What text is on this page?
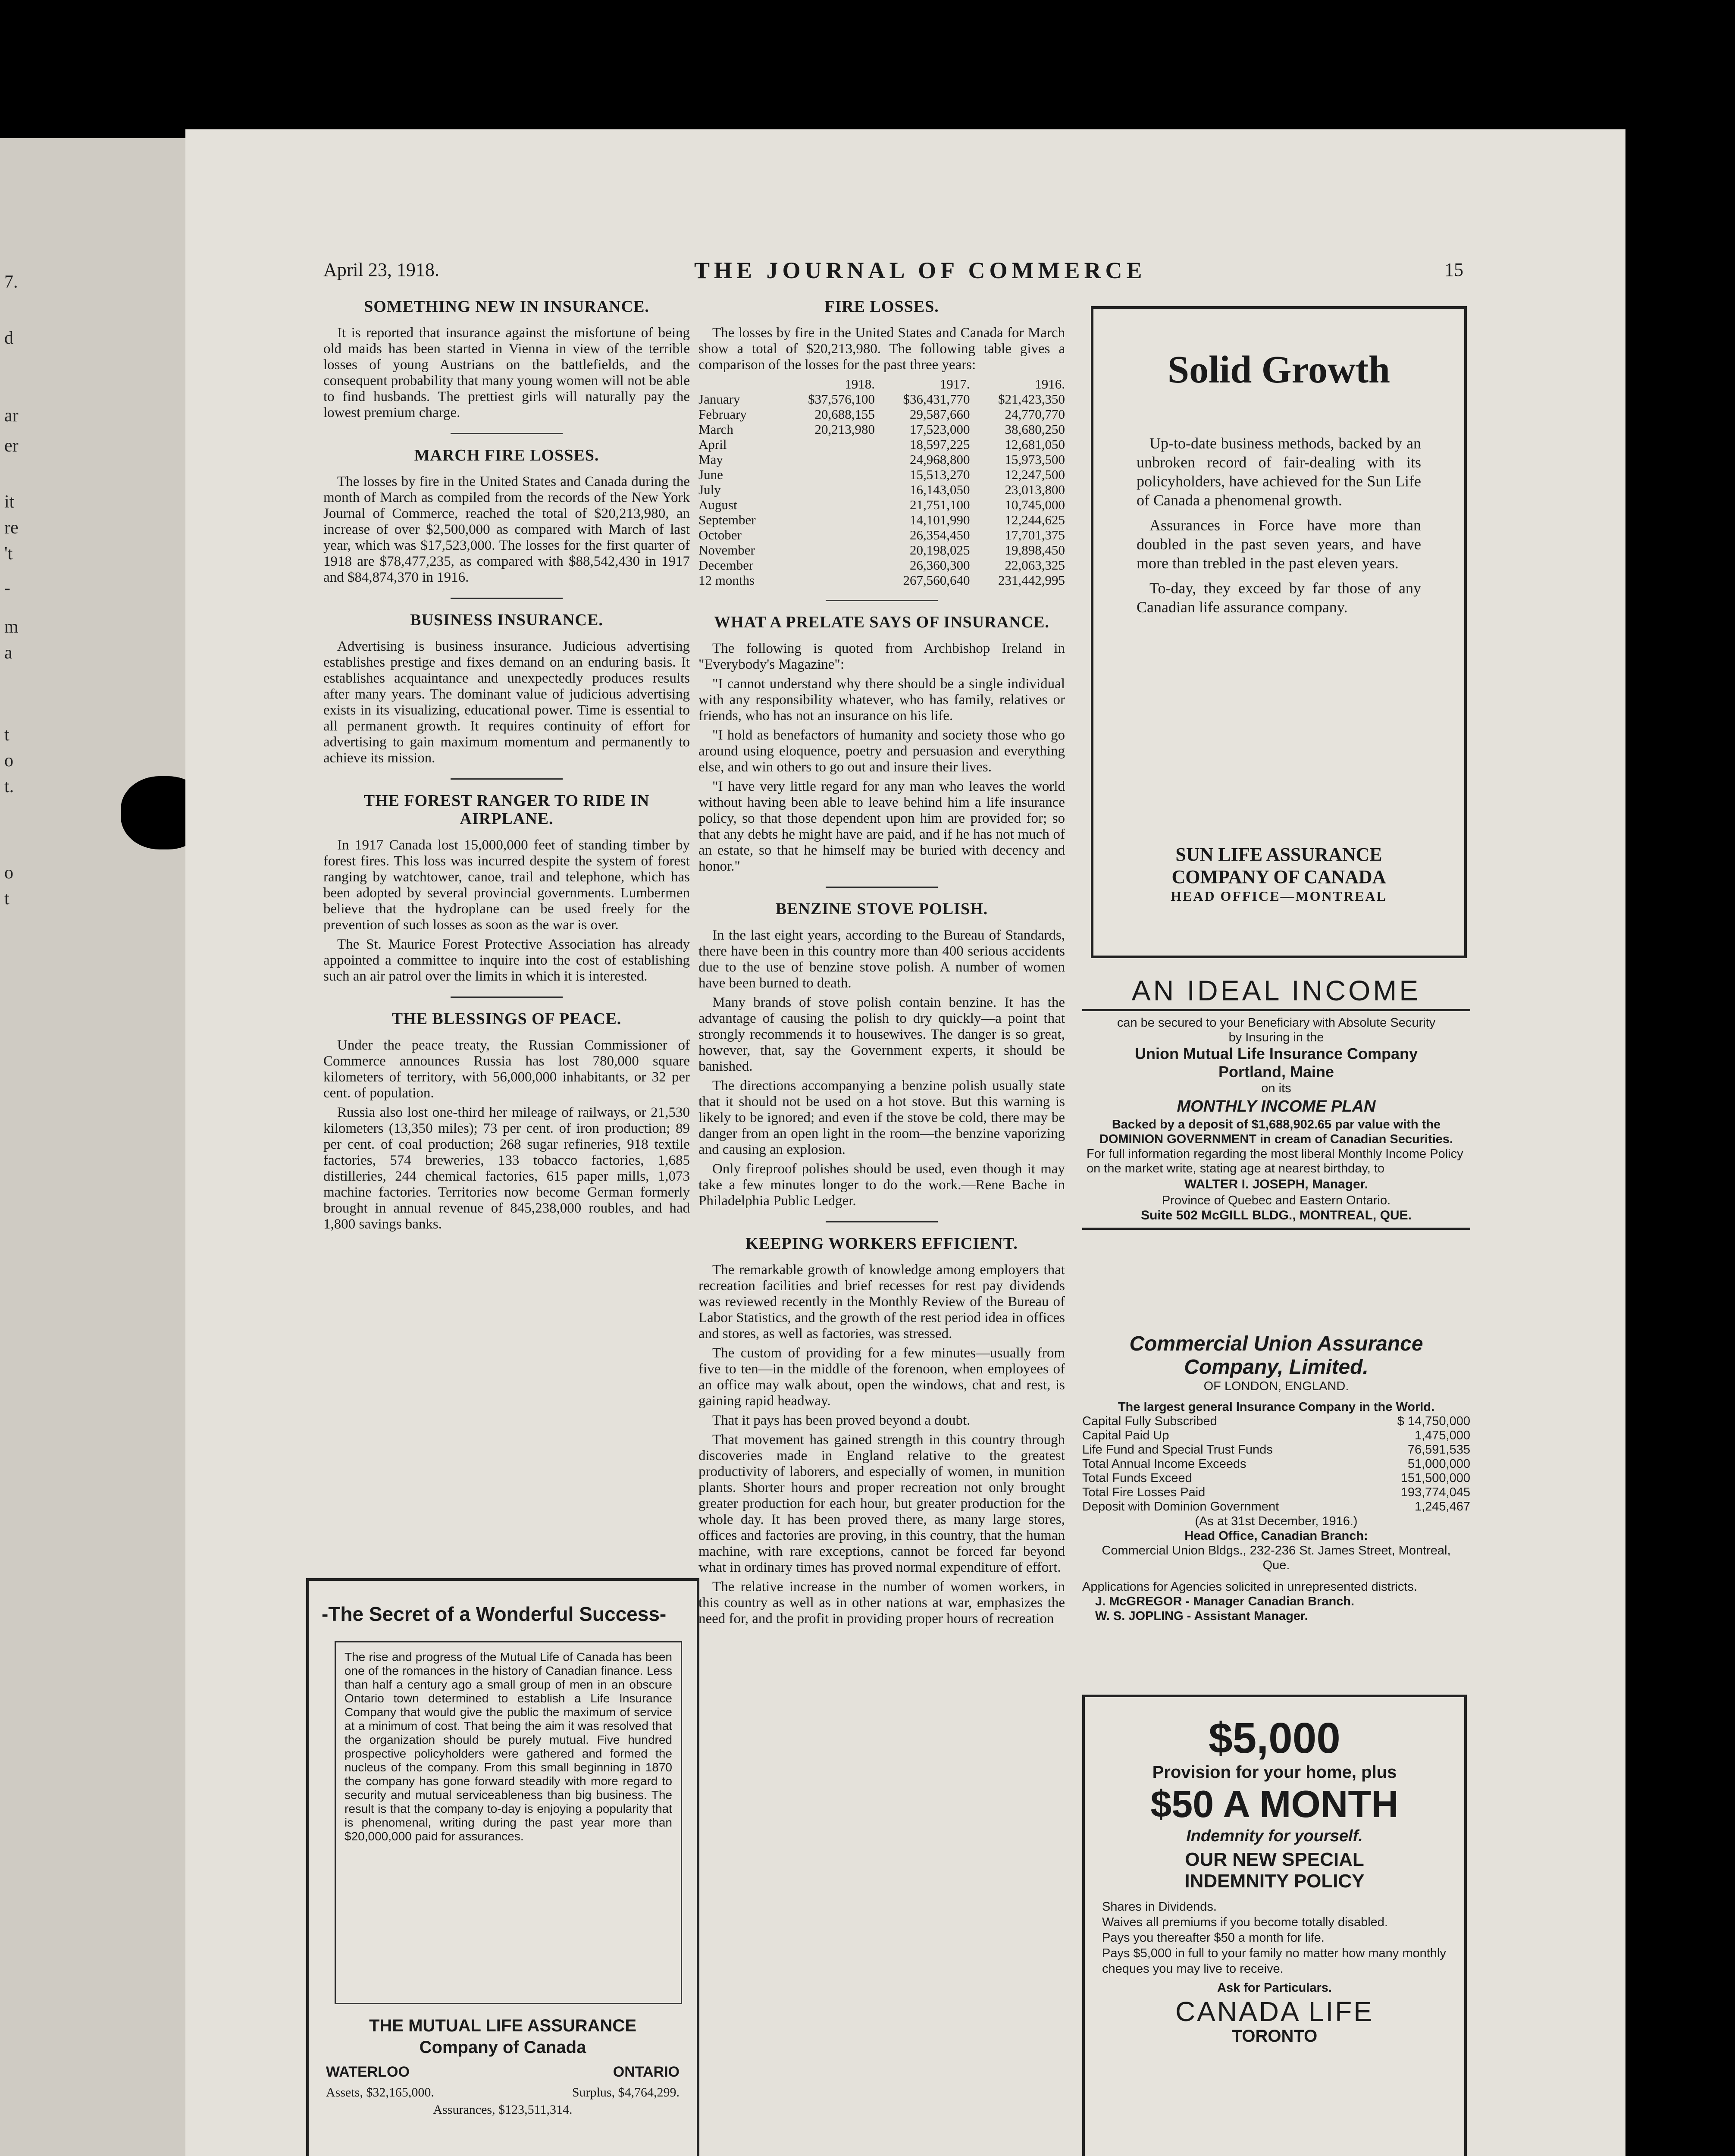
7.
d
ar
er
it
re
't
-
m
a
t
o
t.
o
t
April 23, 1918.	THE JOURNAL OF COMMERCE	15
SOMETHING NEW IN INSURANCE.

It is reported that insurance against the misfortune of being old maids has been started in Vienna in view of the terrible losses of young Austrians on the battlefields, and the consequent probability that many young women will not be able to find husbands. The prettiest girls will naturally pay the lowest premium charge.

MARCH FIRE LOSSES.

The losses by fire in the United States and Canada during the month of March as compiled from the records of the New York Journal of Commerce, reached the total of $20,213,980, an increase of over $2,500,000 as compared with March of last year, which was $17,523,000. The losses for the first quarter of 1918 are $78,477,235, as compared with $88,542,430 in 1917 and $84,874,370 in 1916.

BUSINESS INSURANCE.

Advertising is business insurance. Judicious advertising establishes prestige and fixes demand on an enduring basis. It establishes acquaintance and unexpectedly produces results after many years. The dominant value of judicious advertising exists in its visualizing, educational power. Time is essential to all permanent growth. It requires continuity of effort for advertising to gain maximum momentum and permanently to achieve its mission.

THE FOREST RANGER TO RIDE IN AIRPLANE.

In 1917 Canada lost 15,000,000 feet of standing timber by forest fires. This loss was incurred despite the system of forest ranging by watchtower, canoe, trail and telephone, which has been adopted by several provincial governments. Lumbermen believe that the hydroplane can be used freely for the prevention of such losses as soon as the war is over.

The St. Maurice Forest Protective Association has already appointed a committee to inquire into the cost of establishing such an air patrol over the limits in which it is interested.

THE BLESSINGS OF PEACE.

Under the peace treaty, the Russian Commissioner of Commerce announces Russia has lost 780,000 square kilometers of territory, with 56,000,000 inhabitants, or 32 per cent. of population.

Russia also lost one-third her mileage of railways, or 21,530 kilometers (13,350 miles); 73 per cent. of iron production; 89 per cent. of coal production; 268 sugar refineries, 918 textile factories, 574 breweries, 133 tobacco factories, 1,685 distilleries, 244 chemical factories, 615 paper mills, 1,073 machine factories. Territories now become German formerly brought in annual revenue of 845,238,000 roubles, and had 1,800 savings banks.

-The Secret of a Wonderful Success-
The rise and progress of the Mutual Life of Canada has been one of the romances in the history of Canadian finance. Less than half a century ago a small group of men in an obscure Ontario town determined to establish a Life Insurance Company that would give the public the maximum of service at a minimum of cost. That being the aim it was resolved that the organization should be purely mutual. Five hundred prospective policyholders were gathered and formed the nucleus of the company. From this small beginning in 1870 the company has gone forward steadily with more regard to security and mutual serviceableness than big business. The result is that the company to-day is enjoying a popularity that is phenomenal, writing during the past year more than $20,000,000 paid for assurances.
THE MUTUAL LIFE ASSURANCE
Company of Canada
WATERLOO	ONTARIO
Assets, $32,165,000.	Surplus, $4,764,299.
Assurances, $123,511,314.
FIRE LOSSES.

The losses by fire in the United States and Canada for March show a total of $20,213,980. The following table gives a comparison of the losses for the past three years:

	1918.	1917.	1916.
January	$37,576,100	$36,431,770	$21,423,350
February	20,688,155	29,587,660	24,770,770
March	20,213,980	17,523,000	38,680,250
April		18,597,225	12,681,050
May		24,968,800	15,973,500
June		15,513,270	12,247,500
July		16,143,050	23,013,800
August		21,751,100	10,745,000
September		14,101,990	12,244,625
October		26,354,450	17,701,375
November		20,198,025	19,898,450
December		26,360,300	22,063,325
12 months		267,560,640	231,442,995
WHAT A PRELATE SAYS OF INSURANCE.

The following is quoted from Archbishop Ireland in "Everybody's Magazine":

"I cannot understand why there should be a single individual with any responsibility whatever, who has family, relatives or friends, who has not an insurance on his life.

"I hold as benefactors of humanity and society those who go around using eloquence, poetry and persuasion and everything else, and win others to go out and insure their lives.

"I have very little regard for any man who leaves the world without having been able to leave behind him a life insurance policy, so that those dependent upon him are provided for; so that any debts he might have are paid, and if he has not much of an estate, so that he himself may be buried with decency and honor."

BENZINE STOVE POLISH.

In the last eight years, according to the Bureau of Standards, there have been in this country more than 400 serious accidents due to the use of benzine stove polish. A number of women have been burned to death.

Many brands of stove polish contain benzine. It has the advantage of causing the polish to dry quickly—a point that strongly recommends it to housewives. The danger is so great, however, that, say the Government experts, it should be banished.

The directions accompanying a benzine polish usually state that it should not be used on a hot stove. But this warning is likely to be ignored; and even if the stove be cold, there may be danger from an open light in the room—the benzine vaporizing and causing an explosion.

Only fireproof polishes should be used, even though it may take a few minutes longer to do the work.—Rene Bache in Philadelphia Public Ledger.

KEEPING WORKERS EFFICIENT.

The remarkable growth of knowledge among employers that recreation facilities and brief recesses for rest pay dividends was reviewed recently in the Monthly Review of the Bureau of Labor Statistics, and the growth of the rest period idea in offices and stores, as well as factories, was stressed.

The custom of providing for a few minutes—usually from five to ten—in the middle of the forenoon, when employees of an office may walk about, open the windows, chat and rest, is gaining rapid headway.

That it pays has been proved beyond a doubt.

That movement has gained strength in this country through discoveries made in England relative to the greatest productivity of laborers, and especially of women, in munition plants. Shorter hours and proper recreation not only brought greater production for each hour, but greater production for the whole day. It has been proved there, as many large stores, offices and factories are proving, in this country, that the human machine, with rare exceptions, cannot be forced far beyond what in ordinary times has proved normal expenditure of effort.

The relative increase in the number of women workers, in this country as well as in other nations at war, emphasizes the need for, and the profit in providing proper hours of recreation

Solid Growth

Up-to-date business methods, backed by an unbroken record of fair-dealing with its policyholders, have achieved for the Sun Life of Canada a phenomenal growth.

Assurances in Force have more than doubled in the past seven years, and have more than trebled in the past eleven years.

To-day, they exceed by far those of any Canadian life assurance company.

SUN LIFE ASSURANCE
COMPANY OF CANADA
HEAD OFFICE—MONTREAL
AN IDEAL INCOME
can be secured to your Beneficiary with Absolute Security by Insuring in the
Union Mutual Life Insurance Company
Portland, Maine
on its
MONTHLY INCOME PLAN
Backed by a deposit of $1,688,902.65 par value with the DOMINION GOVERNMENT in cream of Canadian Securities.
For full information regarding the most liberal Monthly Income Policy on the market write, stating age at nearest birthday, to
WALTER I. JOSEPH, Manager.
Province of Quebec and Eastern Ontario.
Suite 502 McGILL BLDG., MONTREAL, QUE.
Commercial Union Assurance
Company, Limited.
OF LONDON, ENGLAND.
The largest general Insurance Company in the World.
Capital Fully Subscribed	$ 14,750,000
Capital Paid Up	1,475,000
Life Fund and Special Trust Funds	76,591,535
Total Annual Income Exceeds	51,000,000
Total Funds Exceed	151,500,000
Total Fire Losses Paid	193,774,045
Deposit with Dominion Government	1,245,467
(As at 31st December, 1916.)
Head Office, Canadian Branch:
Commercial Union Bldgs., 232-236 St. James Street, Montreal, Que.
Applications for Agencies solicited in unrepresented districts.
J. McGREGOR - Manager Canadian Branch.
W. S. JOPLING - Assistant Manager.
$5,000
Provision for your home, plus
$50 A MONTH
Indemnity for yourself.
OUR NEW SPECIAL INDEMNITY POLICY
Shares in Dividends.
Waives all premiums if you become totally disabled.
Pays you thereafter $50 a month for life.
Pays $5,000 in full to your family no matter how many monthly cheques you may live to receive.
Ask for Particulars.
CANADA LIFE
TORONTO
